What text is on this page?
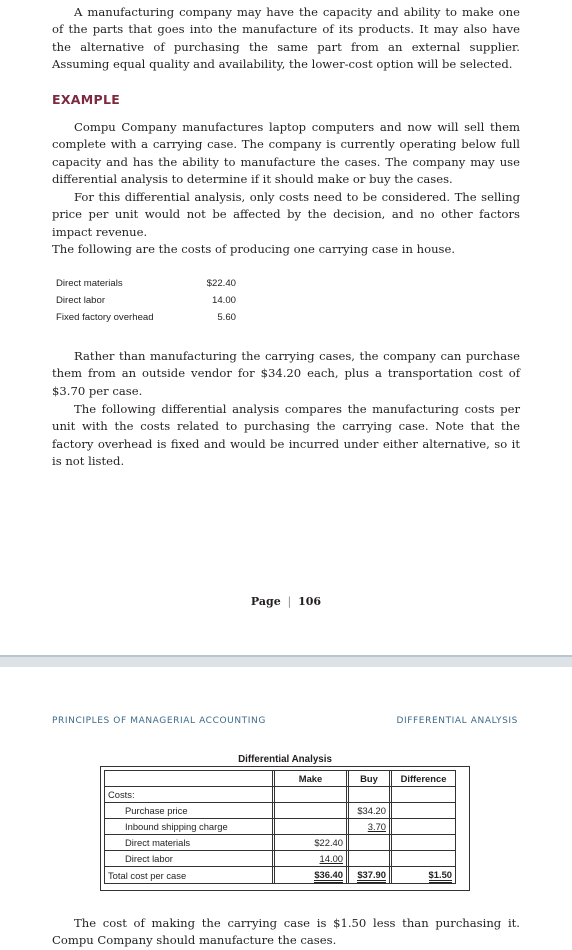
A manufacturing company may have the capacity and ability to make one of the parts that goes into the manufacture of its products. It may also have the alternative of purchasing the same part from an external supplier. Assuming equal quality and availability, the lower-cost option will be selected.

EXAMPLE

Compu Company manufactures laptop computers and now will sell them complete with a carrying case. The company is currently operating below full capacity and has the ability to manufacture the cases. The company may use differential analysis to determine if it should make or buy the cases.

For this differential analysis, only costs need to be considered. The selling price per unit would not be affected by the decision, and no other factors impact revenue.

The following are the costs of producing one carrying case in house.

Direct materials	$22.40
Direct labor	14.00
Fixed factory overhead	5.60

Rather than manufacturing the carrying cases, the company can purchase them from an outside vendor for $34.20 each, plus a transportation cost of $3.70 per case.

The following differential analysis compares the manufacturing costs per unit with the costs related to purchasing the carrying case. Note that the factory overhead is fixed and would be incurred under either alternative, so it is not listed.

Page | 106
PRINCIPLES OF MANAGERIAL ACCOUNTING	DIFFERENTIAL ANALYSIS
Differential Analysis
		Make		Buy		Difference
Costs:						
Purchase price				$34.20		
Inbound shipping charge				3.70		
Direct materials		$22.40				
Direct labor		14.00				
Total cost per case		$36.40		$37.90		$1.50

The cost of making the carrying case is $1.50 less than purchasing it. Compu Company should manufacture the cases.
